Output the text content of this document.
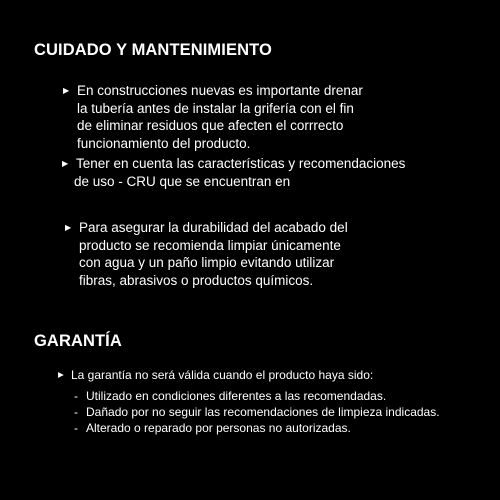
CUIDADO Y MANTENIMIENTO
▶ En construcciones nuevas es importante drenar
la tubería antes de instalar la grifería con el fin
de eliminar residuos que afecten el corrrecto
funcionamiento del producto.
▶ Tener en cuenta las características y recomendaciones
de uso - CRU que se encuentran en
▶ Para asegurar la durabilidad del acabado del
producto se recomienda limpiar únicamente
con agua y un paño limpio evitando utilizar
fibras, abrasivos o productos químicos.
GARANTÍA
▶ La garantía no será válida cuando el producto haya sido:
- Utilizado en condiciones diferentes a las recomendadas.
- Dañado por no seguir las recomendaciones de limpieza indicadas.
- Alterado o reparado por personas no autorizadas.
